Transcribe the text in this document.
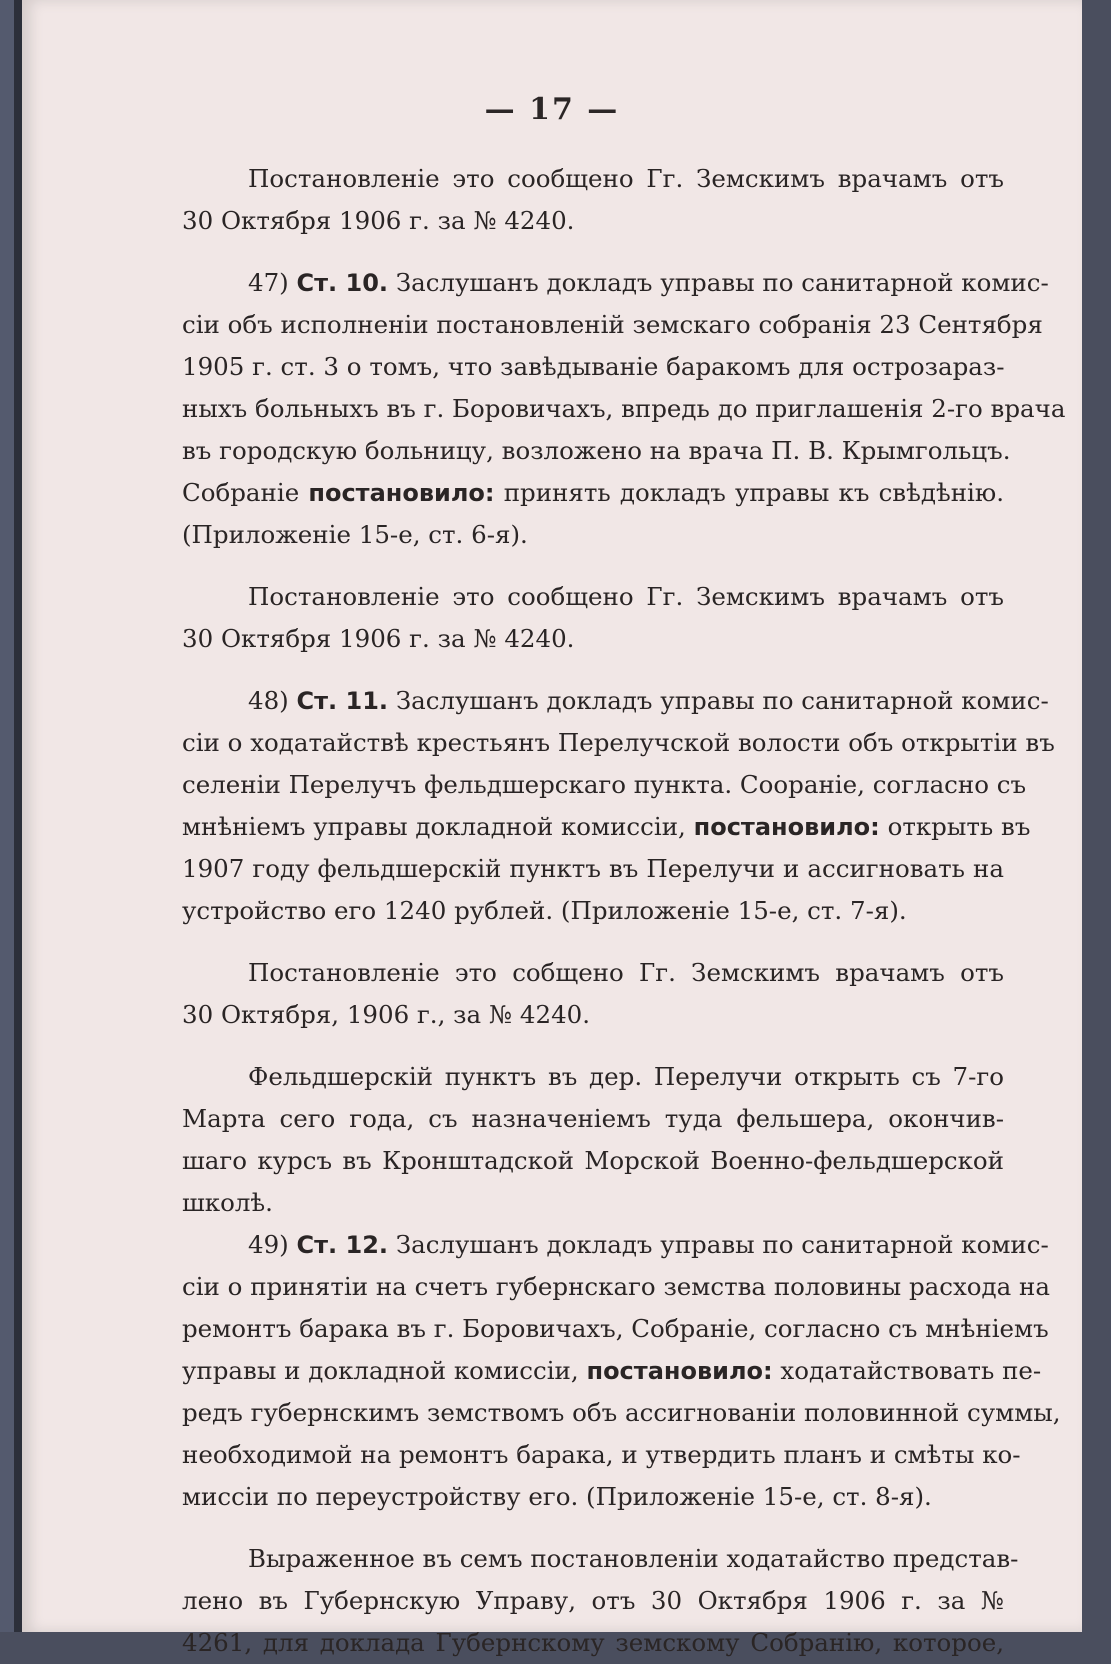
— 17 —
Постановленіе это сообщено Гг. Земскимъ врачамъ отъ
30 Октября 1906 г. за № 4240.
47) Ст. 10. Заслушанъ докладъ управы по санитарной комис-
сіи объ исполненіи постановленій земскаго собранія 23 Сентября
1905 г. ст. 3 о томъ, что завѣдываніе баракомъ для острозараз-
ныхъ больныхъ въ г. Боровичахъ, впредь до приглашенія 2-го врача
въ городскую больницу, возложено на врача П. В. Крымгольцъ.
Собраніе постановило: принять докладъ управы къ свѣдѣнію.
(Приложеніе 15-е, ст. 6-я).
Постановленіе это сообщено Гг. Земскимъ врачамъ отъ
30 Октября 1906 г. за № 4240.
48) Ст. 11. Заслушанъ докладъ управы по санитарной комис-
сіи о ходатайствѣ крестьянъ Перелучской волости объ открытіи въ
селеніи Перелучъ фельдшерскаго пункта. Сооpаніе, согласно съ
мнѣніемъ управы докладной комиссіи, постановило: открыть въ
1907 году фельдшерскій пунктъ въ Перелучи и ассигновать на
устройство его 1240 рублей. (Приложеніе 15-е, ст. 7-я).
Постановленіе это собщено Гг. Земскимъ врачамъ отъ
30 Октября, 1906 г., за № 4240.
Фельдшерскій пунктъ въ дер. Перелучи открыть съ 7-го
Марта сего года, съ назначеніемъ туда фельшера, окончив-
шаго курсъ въ Кронштадской Морской Военно-фельдшерской
школѣ.
49) Ст. 12. Заслушанъ докладъ управы по санитарной комис-
сіи о принятіи на счетъ губернскаго земства половины расхода на
ремонтъ барака въ г. Боровичахъ, Собраніе, согласно съ мнѣніемъ
управы и докладной комиссіи, постановило: ходатайствовать пе-
редъ губернскимъ земствомъ объ ассигнованіи половинной суммы,
необходимой на ремонтъ барака, и утвердить планъ и смѣты ко-
миссіи по переустройству его. (Приложеніе 15-е, ст. 8-я).
Выраженное въ семъ постановленіи ходатайство представ-
лено въ Губернскую Управу, отъ 30 Октября 1906 г. за №
4261, для доклада Губернскому земскому Собранію, которое,
